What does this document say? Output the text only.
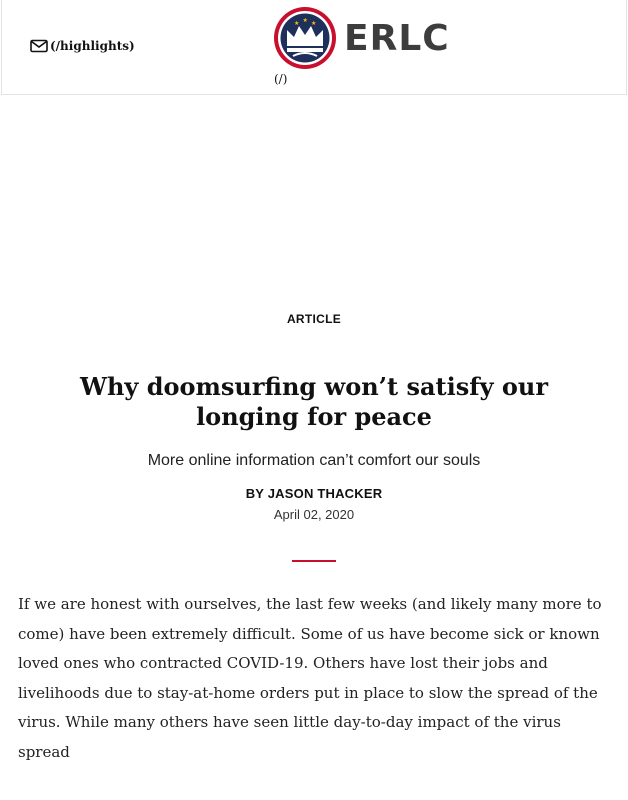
(/highlights)
★ ★ ★ ERLC
(/)
ARTICLE
Why doomsurfing won’t satisfy our longing for peace

More online information can’t comfort our souls

BY JASON THACKER
April 02, 2020

If we are honest with ourselves, the last few weeks (and likely many more to come) have been extremely difficult. Some of us have become sick or known loved ones who contracted COVID-19. Others have lost their jobs and livelihoods due to stay-at-home orders put in place to slow the spread of the virus. While many others have seen little day-to-day impact of the virus spread
